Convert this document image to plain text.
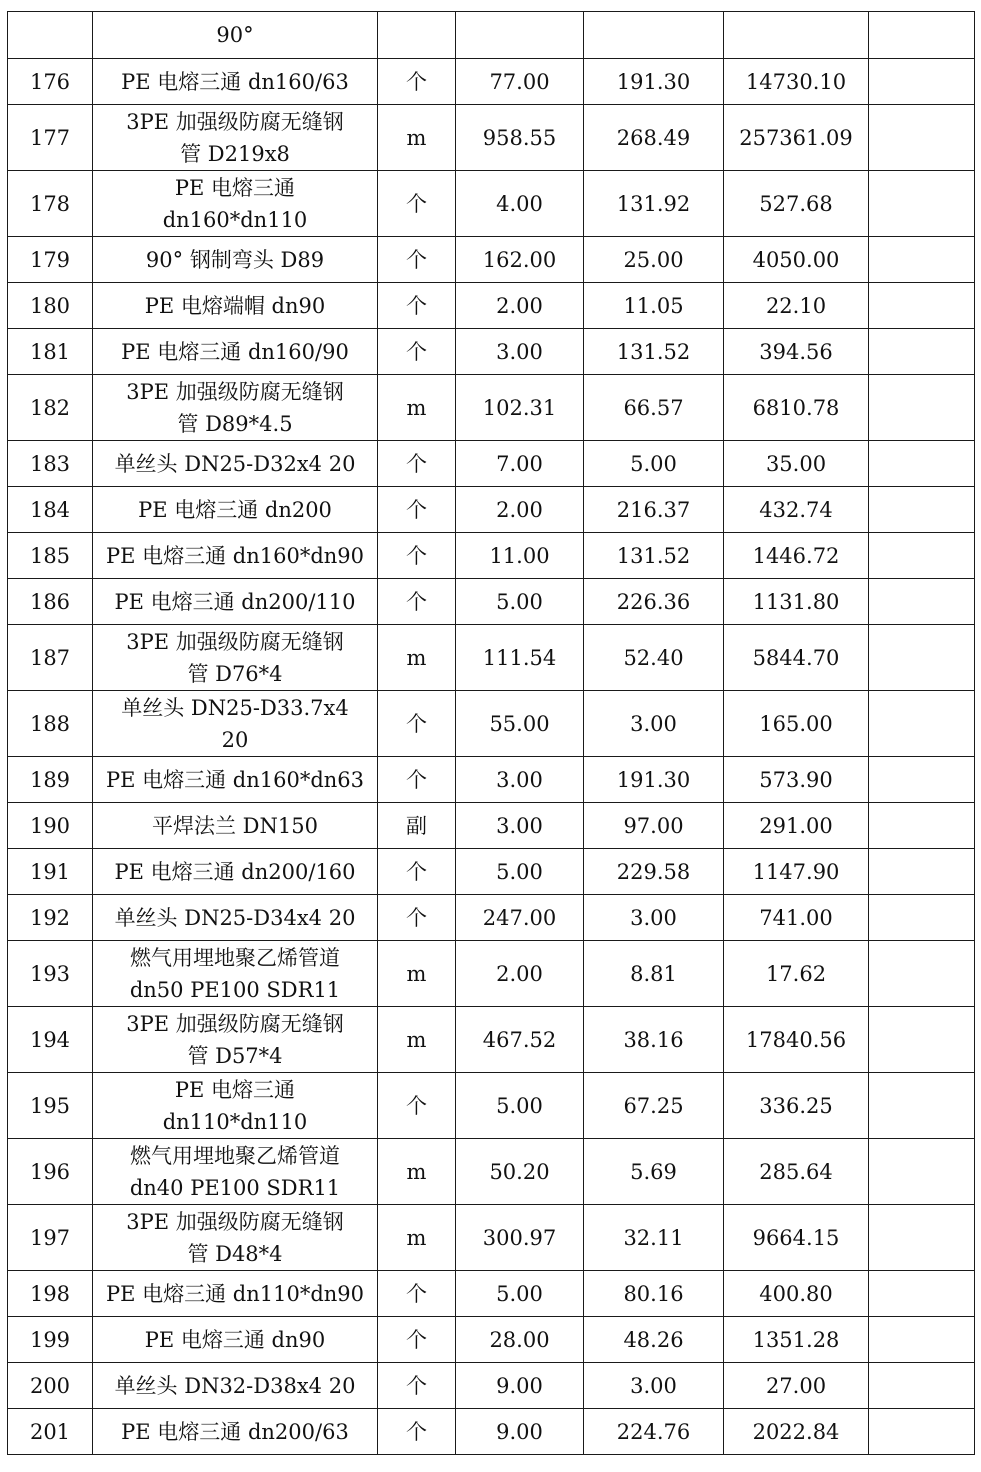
	90°					

176	PE 电熔三通 dn160/63	个	77.00	191.30	14730.10	
177	3PE 加强级防腐无缝钢
管 D219x8	m	958.55	268.49	257361.09	
178	PE 电熔三通
dn160*dn110	个	4.00	131.92	527.68	
179	90° 钢制弯头 D89	个	162.00	25.00	4050.00	
180	PE 电熔端帽 dn90	个	2.00	11.05	22.10	
181	PE 电熔三通 dn160/90	个	3.00	131.52	394.56	
182	3PE 加强级防腐无缝钢
管 D89*4.5	m	102.31	66.57	6810.78	
183	单丝头 DN25-D32x4 20	个	7.00	5.00	35.00	
184	PE 电熔三通 dn200	个	2.00	216.37	432.74	
185	PE 电熔三通 dn160*dn90	个	11.00	131.52	1446.72	
186	PE 电熔三通 dn200/110	个	5.00	226.36	1131.80	
187	3PE 加强级防腐无缝钢
管 D76*4	m	111.54	52.40	5844.70	
188	单丝头 DN25-D33.7x4
20	个	55.00	3.00	165.00	
189	PE 电熔三通 dn160*dn63	个	3.00	191.30	573.90	
190	平焊法兰 DN150	副	3.00	97.00	291.00	
191	PE 电熔三通 dn200/160	个	5.00	229.58	1147.90	
192	单丝头 DN25-D34x4 20	个	247.00	3.00	741.00	
193	燃气用埋地聚乙烯管道
dn50 PE100 SDR11	m	2.00	8.81	17.62	
194	3PE 加强级防腐无缝钢
管 D57*4	m	467.52	38.16	17840.56	
195	PE 电熔三通
dn110*dn110	个	5.00	67.25	336.25	
196	燃气用埋地聚乙烯管道
dn40 PE100 SDR11	m	50.20	5.69	285.64	
197	3PE 加强级防腐无缝钢
管 D48*4	m	300.97	32.11	9664.15	
198	PE 电熔三通 dn110*dn90	个	5.00	80.16	400.80	
199	PE 电熔三通 dn90	个	28.00	48.26	1351.28	
200	单丝头 DN32-D38x4 20	个	9.00	3.00	27.00	
201	PE 电熔三通 dn200/63	个	9.00	224.76	2022.84	
